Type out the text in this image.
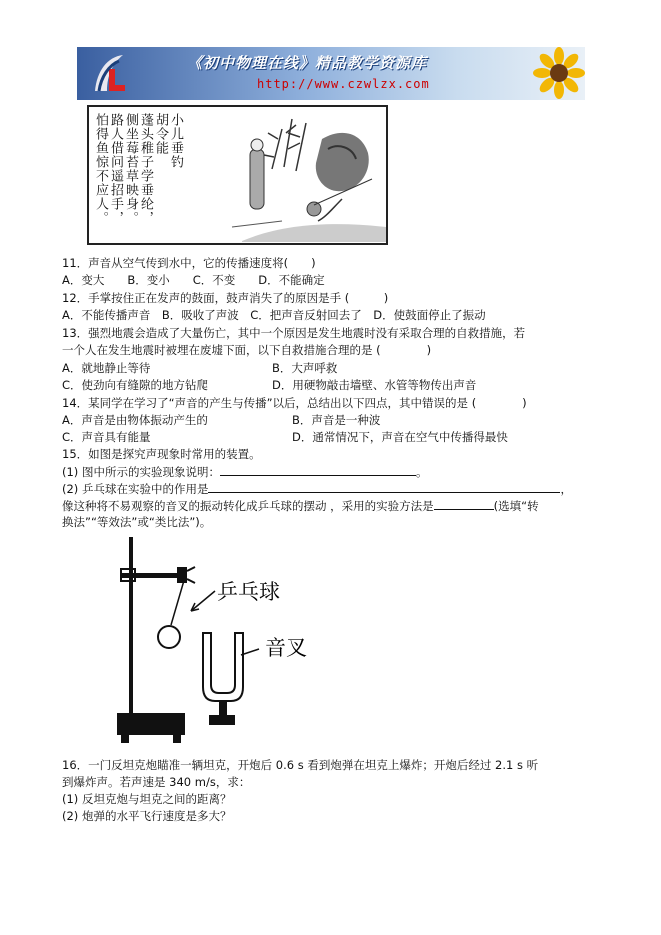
《初中物理在线》精品教学资源库
http://www.czwlzx.com
小儿垂钓
胡令能
蓬头稚子学垂纶，
侧坐莓苔草映身。
路人借问遥招手，
怕得鱼惊不应人。
11．声音从空气传到水中，它的传播速度将(　　)
A．变大　　B．变小　　C．不变　　D．不能确定
12．手掌按住正在发声的鼓面，鼓声消失了的原因是手 (　　　)
A．不能传播声音　B．吸收了声波　C．把声音反射回去了　D．使鼓面停止了振动
13．强烈地震会造成了大量伤亡，其中一个原因是发生地震时没有采取合理的自救措施，若
一个人在发生地震时被埋在废墟下面，以下自救措施合理的是 (　　　　)
A．就地静止等待	B．大声呼救
C．使劲向有缝隙的地方钻爬	D．用硬物敲击墙壁、水管等物传出声音
14．某同学在学习了“声音的产生与传播”以后，总结出以下四点，其中错误的是 (　　　　)
A．声音是由物体振动产生的	B．声音是一种波
C．声音具有能量	D．通常情况下，声音在空气中传播得最快
15．如图是探究声现象时常用的装置。
(1) 图中所示的实验现象说明：	。
(2) 乒乓球在实验中的作用是	，
像这种将不易观察的音叉的振动转化成乒乓球的摆动 ，采用的实验方法是	(选填“转
换法”“等效法”或“类比法”)。
乒乓球
音叉
16．一门反坦克炮瞄准一辆坦克，开炮后 0.6 s 看到炮弹在坦克上爆炸；开炮后经过 2.1 s 听
到爆炸声。若声速是 340 m/s，求：
(1) 反坦克炮与坦克之间的距离？
(2) 炮弹的水平飞行速度是多大？
